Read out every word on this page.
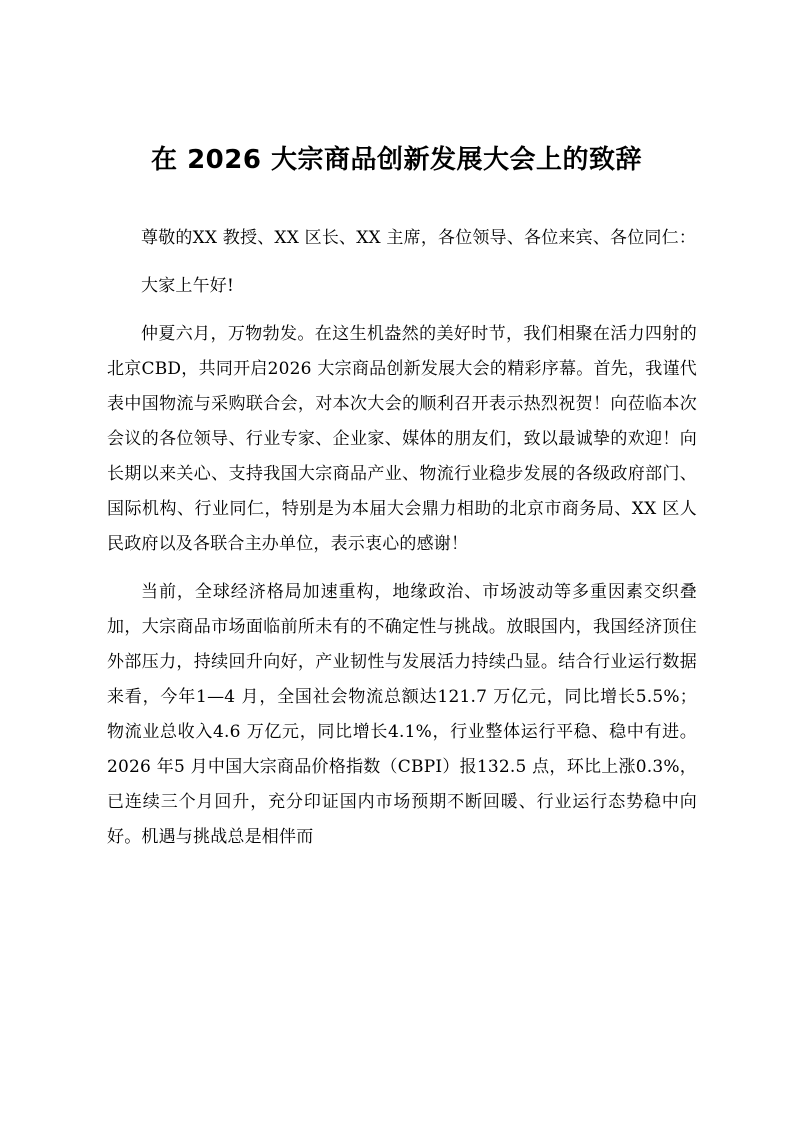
在 2026 大宗商品创新发展大会上的致辞

尊敬的XX 教授、XX 区长、XX 主席，各位领导、各位来宾、各位同仁：

大家上午好!

仲夏六月，万物勃发。在这生机盎然的美好时节，我们相聚在活力四射的北京CBD，共同开启2026 大宗商品创新发展大会的精彩序幕。首先，我谨代表中国物流与采购联合会，对本次大会的顺利召开表示热烈祝贺！向莅临本次会议的各位领导、行业专家、企业家、媒体的朋友们，致以最诚挚的欢迎！向长期以来关心、支持我国大宗商品产业、物流行业稳步发展的各级政府部门、国际机构、行业同仁，特别是为本届大会鼎力相助的北京市商务局、XX 区人民政府以及各联合主办单位，表示衷心的感谢！

当前，全球经济格局加速重构，地缘政治、市场波动等多重因素交织叠加，大宗商品市场面临前所未有的不确定性与挑战。放眼国内，我国经济顶住外部压力，持续回升向好，产业韧性与发展活力持续凸显。结合行业运行数据来看，今年1—4 月，全国社会物流总额达121.7 万亿元，同比增长5.5%；物流业总收入4.6 万亿元，同比增长4.1%，行业整体运行平稳、稳中有进。2026 年5 月中国大宗商品价格指数（CBPI）报132.5 点，环比上涨0.3%，已连续三个月回升，充分印证国内市场预期不断回暖、行业运行态势稳中向好。机遇与挑战总是相伴而
